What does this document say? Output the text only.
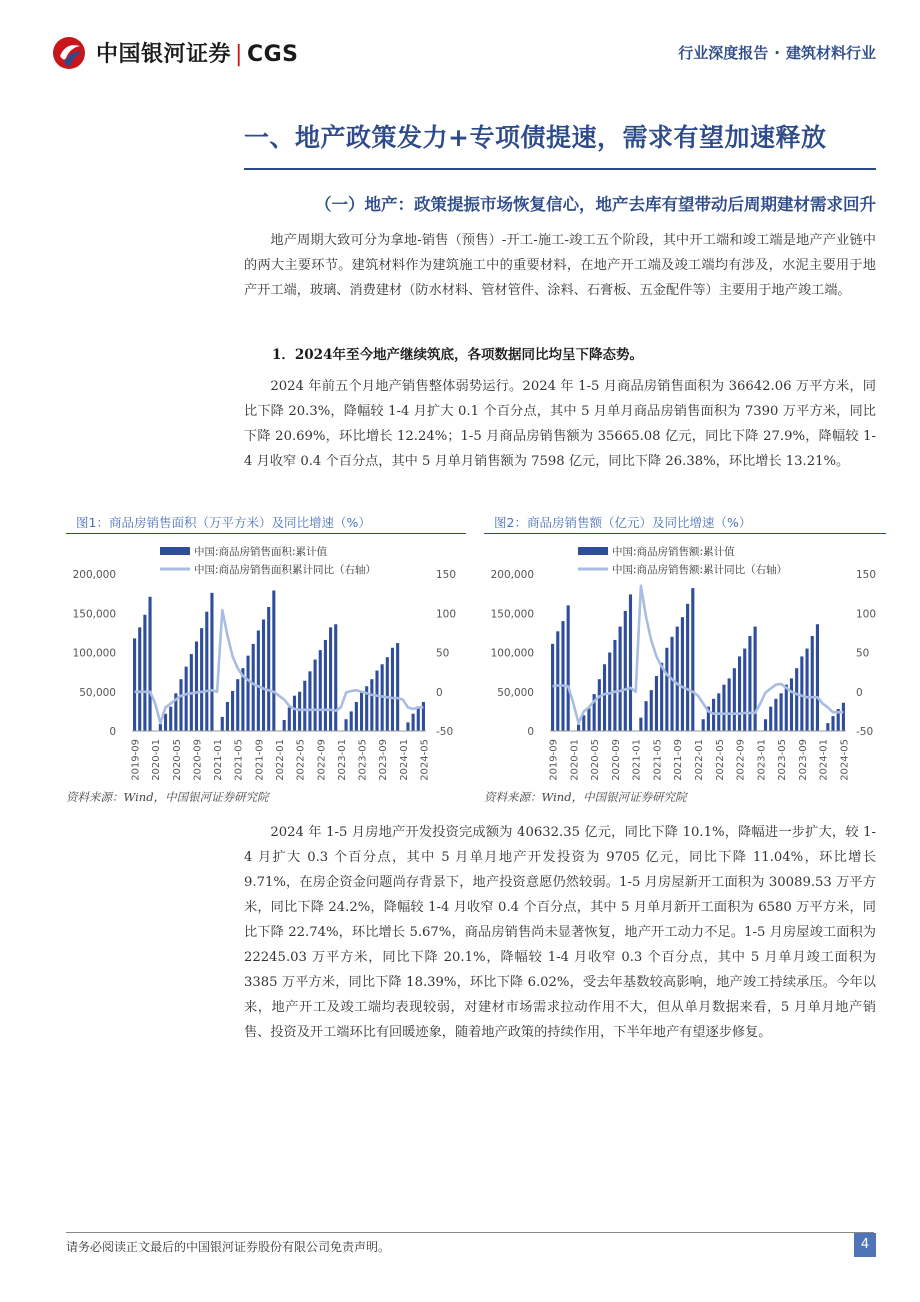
中国银河证券 | CGS	行业深度报告 · 建筑材料行业
一、地产政策发力+专项债提速，需求有望加速释放
（一）地产：政策提振市场恢复信心，地产去库有望带动后周期建材需求回升

地产周期大致可分为拿地-销售（预售）-开工-施工-竣工五个阶段，其中开工端和竣工端是地产产业链中的两大主要环节。建筑材料作为建筑施工中的重要材料，在地产开工端及竣工端均有涉及，水泥主要用于地产开工端，玻璃、消费建材（防水材料、管材管件、涂料、石膏板、五金配件等）主要用于地产竣工端。

1．2024年至今地产继续筑底，各项数据同比均呈下降态势。

2024 年前五个月地产销售整体弱势运行。2024 年 1-5 月商品房销售面积为 36642.06 万平方米，同比下降 20.3%，降幅较 1-4 月扩大 0.1 个百分点，其中 5 月单月商品房销售面积为 7390 万平方米，同比下降 20.69%，环比增长 12.24%；1-5 月商品房销售额为 35665.08 亿元，同比下降 27.9%，降幅较 1-4 月收窄 0.4 个百分点，其中 5 月单月销售额为 7598 亿元，同比下降 26.38%，环比增长 13.21%。

图1：商品房销售面积（万平方米）及同比增速（%）	图2：商品房销售额（亿元）及同比增速（%）
中国:商品房销售面积:累计值
中国:商品房销售面积累计同比（右轴）
200,000
150,000
100,000
50,000
0
150
100
50
0
-50
2019-09 2020-01 2020-05 2020-09 2021-01 2021-05 2021-09 2022-01 2022-05 2022-09 2023-01 2023-05 2023-09 2024-01 2024-05
中国:商品房销售额:累计值
中国:商品房销售额:累计同比（右轴）
200,000
150,000
100,000
50,000
0
150
100
50
0
-50
2019-09 2020-01 2020-05 2020-09 2021-01 2021-05 2021-09 2022-01 2022-05 2022-09 2023-01 2023-05 2023-09 2024-01 2024-05
资料来源：Wind，中国银河证券研究院	资料来源：Wind，中国银河证券研究院

2024 年 1-5 月房地产开发投资完成额为 40632.35 亿元，同比下降 10.1%，降幅进一步扩大，较 1-4 月扩大 0.3 个百分点，其中 5 月单月地产开发投资为 9705 亿元，同比下降 11.04%，环比增长 9.71%，在房企资金问题尚存背景下，地产投资意愿仍然较弱。1-5 月房屋新开工面积为 30089.53 万平方米，同比下降 24.2%，降幅较 1-4 月收窄 0.4 个百分点，其中 5 月单月新开工面积为 6580 万平方米，同比下降 22.74%，环比增长 5.67%，商品房销售尚未显著恢复，地产开工动力不足。1-5 月房屋竣工面积为 22245.03 万平方米，同比下降 20.1%，降幅较 1-4 月收窄 0.3 个百分点，其中 5 月单月竣工面积为 3385 万平方米，同比下降 18.39%，环比下降 6.02%，受去年基数较高影响，地产竣工持续承压。今年以来，地产开工及竣工端均表现较弱，对建材市场需求拉动作用不大，但从单月数据来看，5 月单月地产销售、投资及开工端环比有回暖迹象，随着地产政策的持续作用，下半年地产有望逐步修复。

请务必阅读正文最后的中国银河证券股份有限公司免责声明。	4
